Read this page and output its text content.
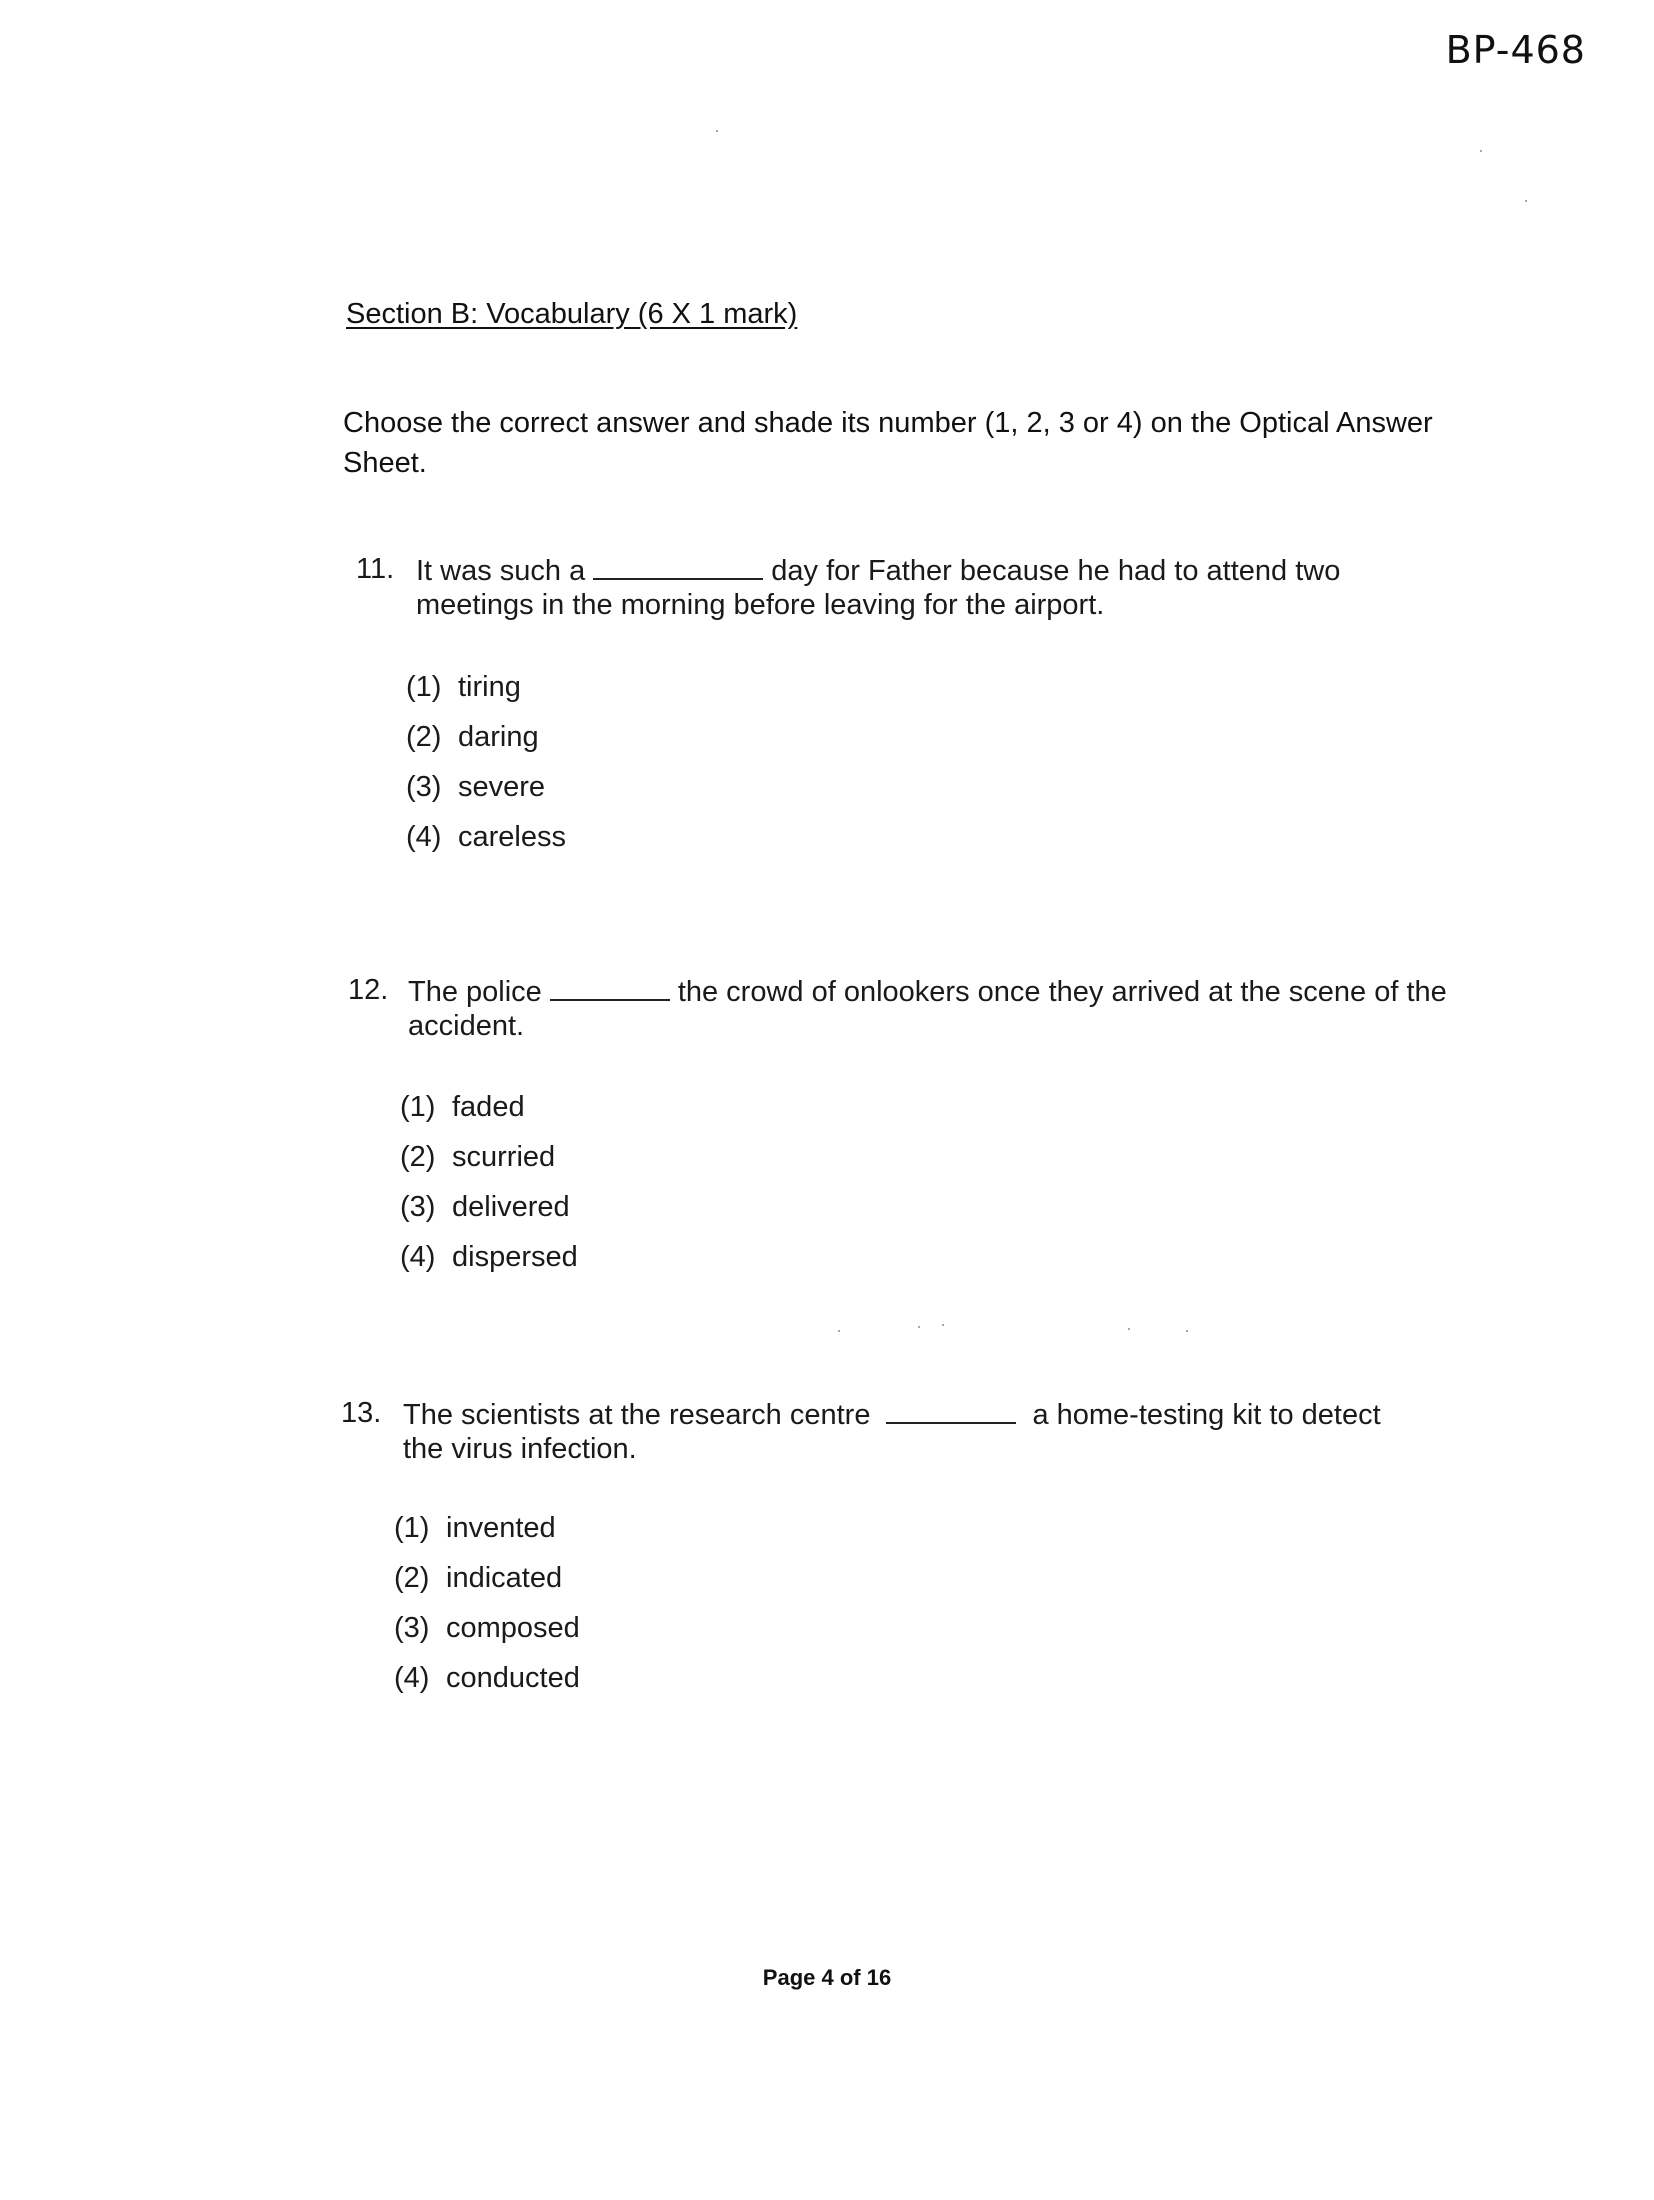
BP-468
Section B: Vocabulary (6 X 1 mark)
Choose the correct answer and shade its number (1, 2, 3 or 4) on the Optical Answer Sheet.
11. It was such a	day for Father because he had to attend two meetings in the morning before leaving for the airport.
(1) tiring
(2) daring
(3) severe
(4) careless
12. The police	the crowd of onlookers once they arrived at the scene of the accident.
(1) faded
(2) scurried
(3) delivered
(4) dispersed
13. The scientists at the research centre	a home-testing kit to detect the virus infection.
(1) invented
(2) indicated
(3) composed
(4) conducted
Page 4 of 16
